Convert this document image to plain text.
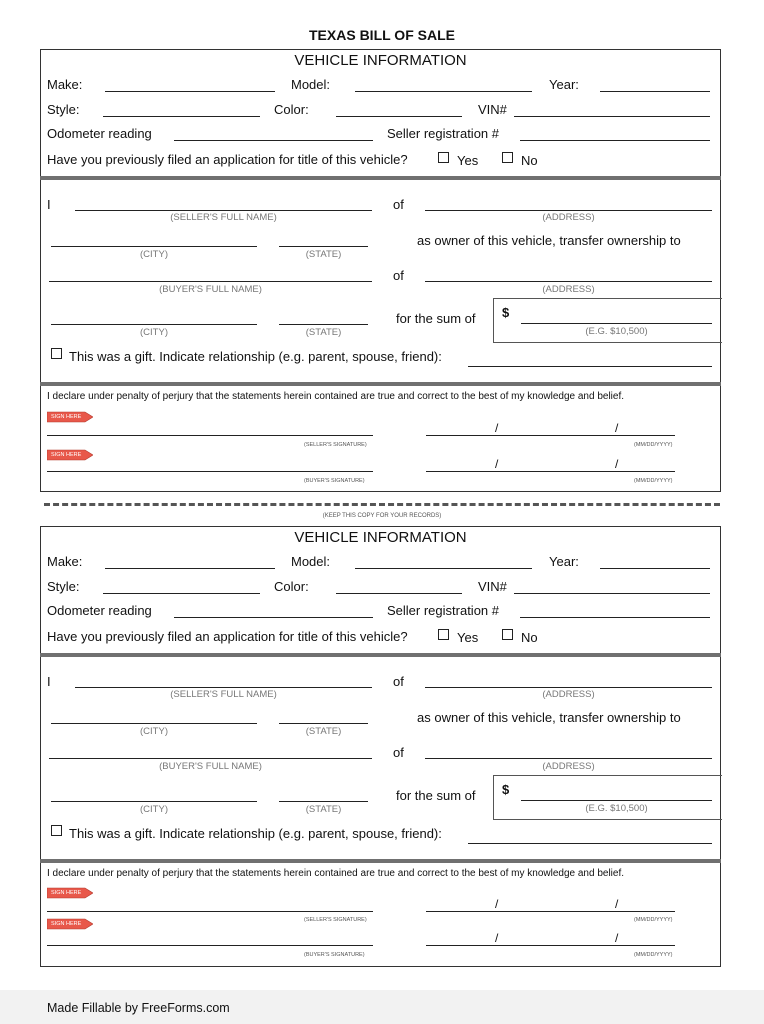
TEXAS BILL OF SALE
VEHICLE INFORMATION
Make:	Model:	Year:
Style:	Color:	VIN#
Odometer reading	Seller registration #
Have you previously filed an application for title of this vehicle?	Yes	No
I
(SELLER'S FULL NAME)
of
(ADDRESS)
(CITY)	(STATE)
as owner of this vehicle, transfer ownership to
(BUYER'S FULL NAME)
of
(ADDRESS)
(CITY)	(STATE)
for the sum of $
(E.G. $10,500)
This was a gift. Indicate relationship (e.g. parent, spouse, friend):
I declare under penalty of perjury that the statements herein contained are true and correct to the best of my knowledge and belief.
SIGN HERE
(SELLER'S SIGNATURE)
/	/
(MM/DD/YYYY)
SIGN HERE
(BUYER'S SIGNATURE)
/	/
(MM/DD/YYYY)
(KEEP THIS COPY FOR YOUR RECORDS)
VEHICLE INFORMATION
Make:	Model:	Year:
Style:	Color:	VIN#
Odometer reading	Seller registration #
Have you previously filed an application for title of this vehicle?	Yes	No
I
(SELLER'S FULL NAME)
of
(ADDRESS)
(CITY)	(STATE)
as owner of this vehicle, transfer ownership to
(BUYER'S FULL NAME)
of
(ADDRESS)
(CITY)	(STATE)
for the sum of $
(E.G. $10,500)
This was a gift. Indicate relationship (e.g. parent, spouse, friend):
I declare under penalty of perjury that the statements herein contained are true and correct to the best of my knowledge and belief.
SIGN HERE
(SELLER'S SIGNATURE)
/	/
(MM/DD/YYYY)
SIGN HERE
(BUYER'S SIGNATURE)
/	/
(MM/DD/YYYY)
Made Fillable by FreeForms.com
